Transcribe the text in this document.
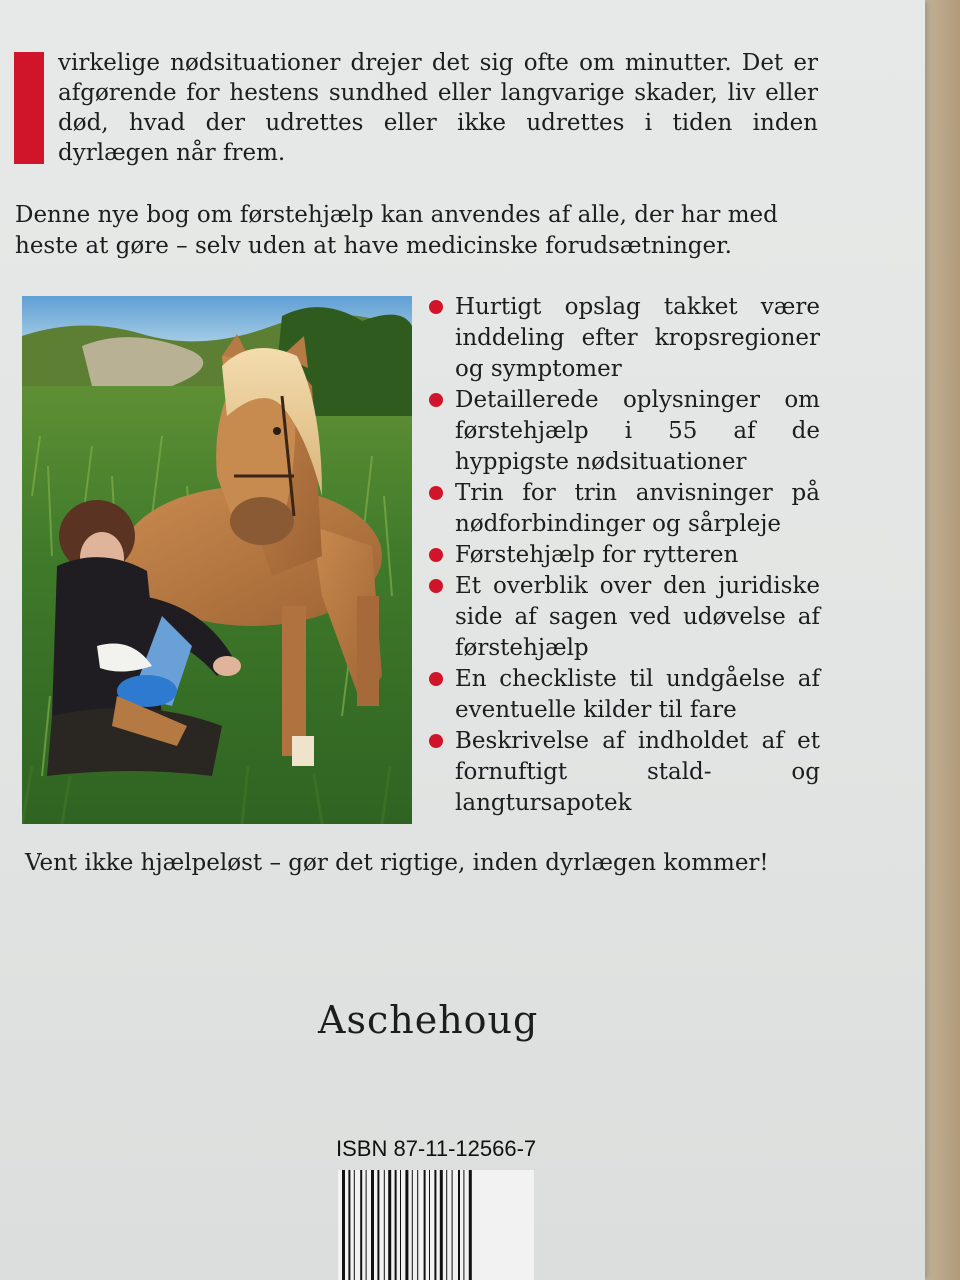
virkelige nødsituationer drejer det sig ofte om minutter. Det er afgørende for hestens sundhed eller langvarige skader, liv eller død, hvad der udrettes eller ikke udrettes i tiden inden dyrlægen når frem.
Denne nye bog om førstehjælp kan anvendes af alle, der har med heste at gøre – selv uden at have medicinske forudsætninger.
Hurtigt opslag takket være inddeling efter kropsregioner og symptomer
Detaillerede oplysninger om førstehjælp i 55 af de hyppigste nødsituationer
Trin for trin anvisninger på nødforbindinger og sårpleje
Førstehjælp for rytteren
Et overblik over den juridiske side af sagen ved udøvelse af førstehjælp
En checkliste til undgåelse af eventuelle kilder til fare
Beskrivelse af indholdet af et fornuftigt stald- og langtursapotek
Vent ikke hjælpeløst – gør det rigtige, inden dyrlægen kommer!
Aschehoug
ISBN 87-11-12566-7
